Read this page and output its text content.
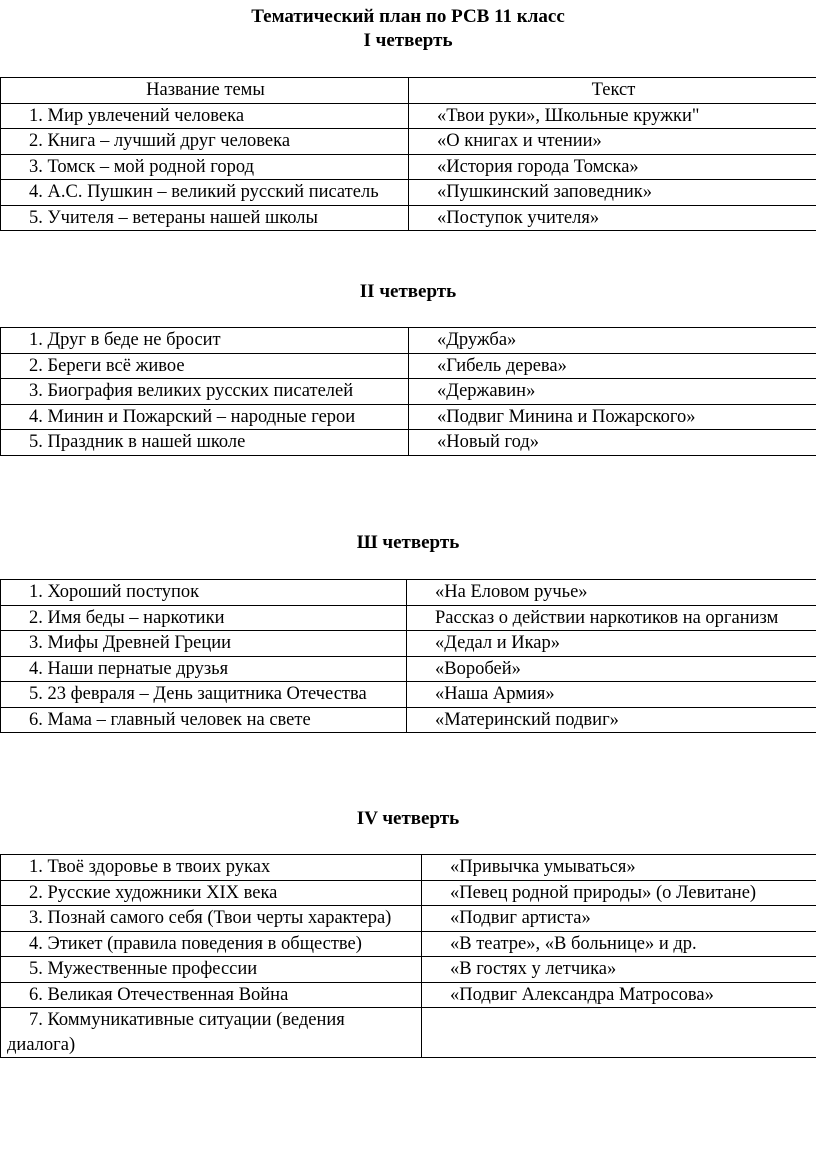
Тематический план по РСВ 11 класс

I четверть

Название темы	Текст
1. Мир увлечений человека	«Твои руки», Школьные кружки"
2. Книга – лучший друг человека	«О книгах и чтении»
3. Томск – мой родной город	«История города Томска»
4. А.С. Пушкин – великий русский писатель	«Пушкинский заповедник»
5. Учителя – ветераны нашей школы	«Поступок учителя»

II четверть

1. Друг в беде не бросит	«Дружба»
2. Береги всё живое	«Гибель дерева»
3. Биография великих русских писателей	«Державин»
4. Минин и Пожарский – народные герои	«Подвиг Минина и Пожарского»
5. Праздник в нашей школе	«Новый год»

Ш четверть

1. Хороший поступок	«На Еловом ручье»
2. Имя беды – наркотики	Рассказ о действии наркотиков на организм
3. Мифы Древней Греции	«Дедал и Икар»
4. Наши пернатые друзья	«Воробей»
5. 23 февраля – День защитника Отечества	«Наша Армия»
6. Мама – главный человек на свете	«Материнский подвиг»

IV четверть

1. Твоё здоровье в твоих руках	«Привычка умываться»
2. Русские художники XIX века	«Певец родной природы» (о Левитане)
3. Познай самого себя (Твои черты характера)	«Подвиг артиста»
4. Этикет (правила поведения в обществе)	«В театре», «В больнице» и др.
5. Мужественные профессии	«В гостях у летчика»
6. Великая Отечественная Война	«Подвиг Александра Матросова»
7. Коммуникативные ситуации (ведения диалога)	
